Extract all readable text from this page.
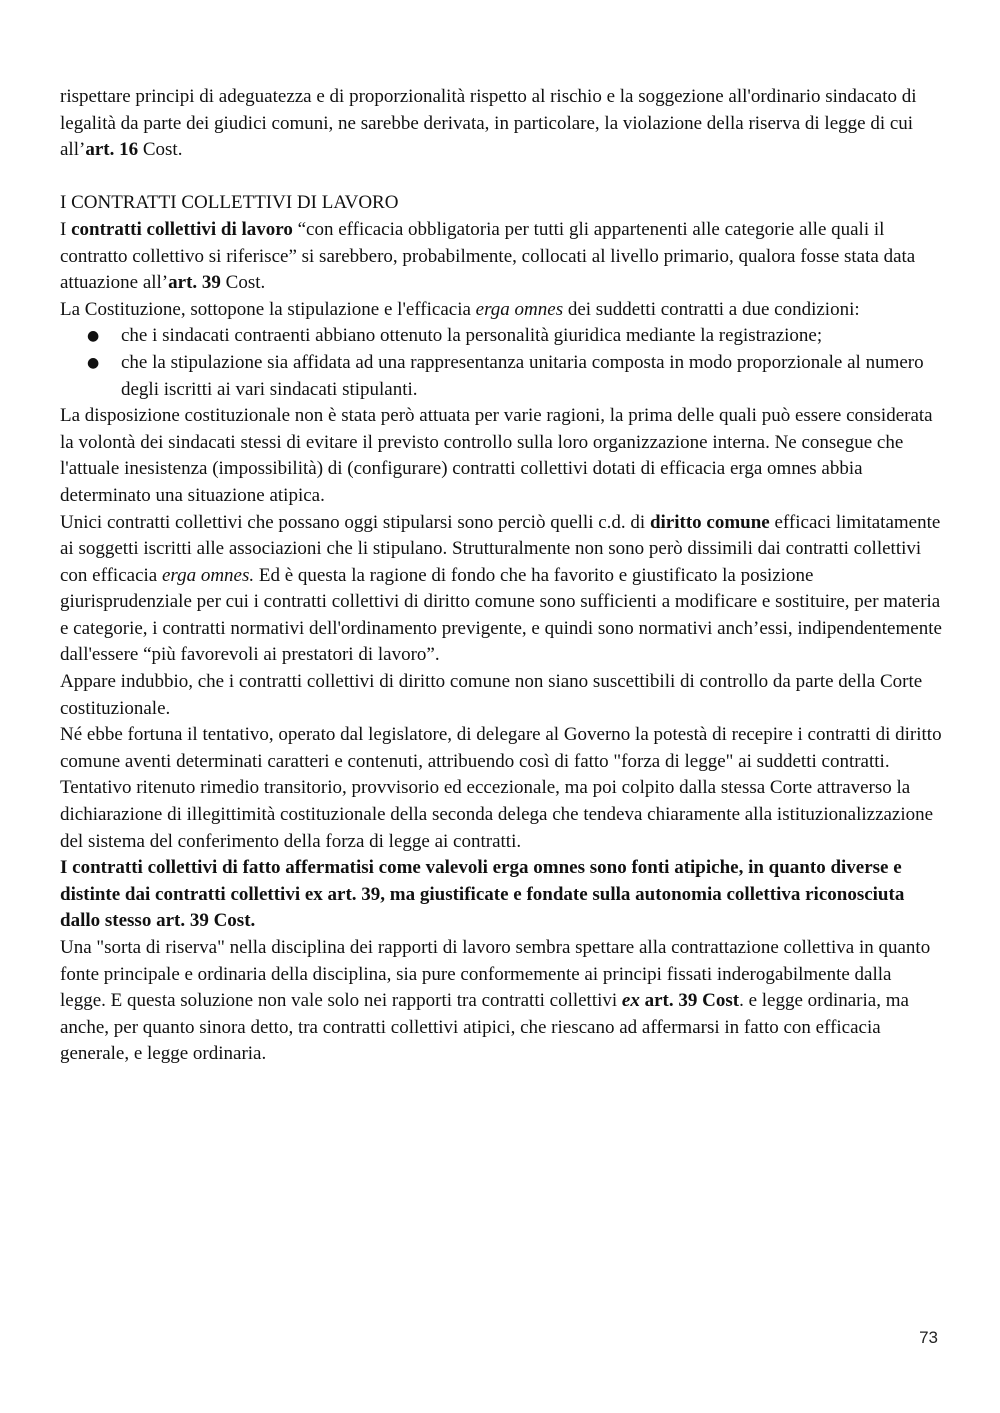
rispettare principi di adeguatezza e di proporzionalità rispetto al rischio e la soggezione all'ordinario sindacato di legalità da parte dei giudici comuni, ne sarebbe derivata, in particolare, la violazione della riserva di legge di cui all’art. 16 Cost.

I CONTRATTI COLLETTIVI DI LAVORO

I contratti collettivi di lavoro “con efficacia obbligatoria per tutti gli appartenenti alle categorie alle quali il contratto collettivo si riferisce” si sarebbero, probabilmente, collocati al livello primario, qualora fosse stata data attuazione all’art. 39 Cost.

La Costituzione, sottopone la stipulazione e l'efficacia erga omnes dei suddetti contratti a due condizioni:

● che i sindacati contraenti abbiano ottenuto la personalità giuridica mediante la registrazione;
● che la stipulazione sia affidata ad una rappresentanza unitaria composta in modo proporzionale al numero degli iscritti ai vari sindacati stipulanti.

La disposizione costituzionale non è stata però attuata per varie ragioni, la prima delle quali può essere considerata la volontà dei sindacati stessi di evitare il previsto controllo sulla loro organizzazione interna. Ne consegue che l'attuale inesistenza (impossibilità) di (configurare) contratti collettivi dotati di efficacia erga omnes abbia determinato una situazione atipica.

Unici contratti collettivi che possano oggi stipularsi sono perciò quelli c.d. di diritto comune efficaci limitatamente ai soggetti iscritti alle associazioni che li stipulano. Strutturalmente non sono però dissimili dai contratti collettivi con efficacia erga omnes. Ed è questa la ragione di fondo che ha favorito e giustificato la posizione giurisprudenziale per cui i contratti collettivi di diritto comune sono sufficienti a modificare e sostituire, per materia e categorie, i contratti normativi dell'ordinamento previgente, e quindi sono normativi anch’essi, indipendentemente dall'essere “più favorevoli ai prestatori di lavoro”.

Appare indubbio, che i contratti collettivi di diritto comune non siano suscettibili di controllo da parte della Corte costituzionale.

Né ebbe fortuna il tentativo, operato dal legislatore, di delegare al Governo la potestà di recepire i contratti di diritto comune aventi determinati caratteri e contenuti, attribuendo così di fatto "forza di legge" ai suddetti contratti. Tentativo ritenuto rimedio transitorio, provvisorio ed eccezionale, ma poi colpito dalla stessa Corte attraverso la dichiarazione di illegittimità costituzionale della seconda delega che tendeva chiaramente alla istituzionalizzazione del sistema del conferimento della forza di legge ai contratti.

I contratti collettivi di fatto affermatisi come valevoli erga omnes sono fonti atipiche, in quanto diverse e distinte dai contratti collettivi ex art. 39, ma giustificate e fondate sulla autonomia collettiva riconosciuta dallo stesso art. 39 Cost.

Una "sorta di riserva" nella disciplina dei rapporti di lavoro sembra spettare alla contrattazione collettiva in quanto fonte principale e ordinaria della disciplina, sia pure conformemente ai principi fissati inderogabilmente dalla legge. E questa soluzione non vale solo nei rapporti tra contratti collettivi ex art. 39 Cost. e legge ordinaria, ma anche, per quanto sinora detto, tra contratti collettivi atipici, che riescano ad affermarsi in fatto con efficacia generale, e legge ordinaria.

73
